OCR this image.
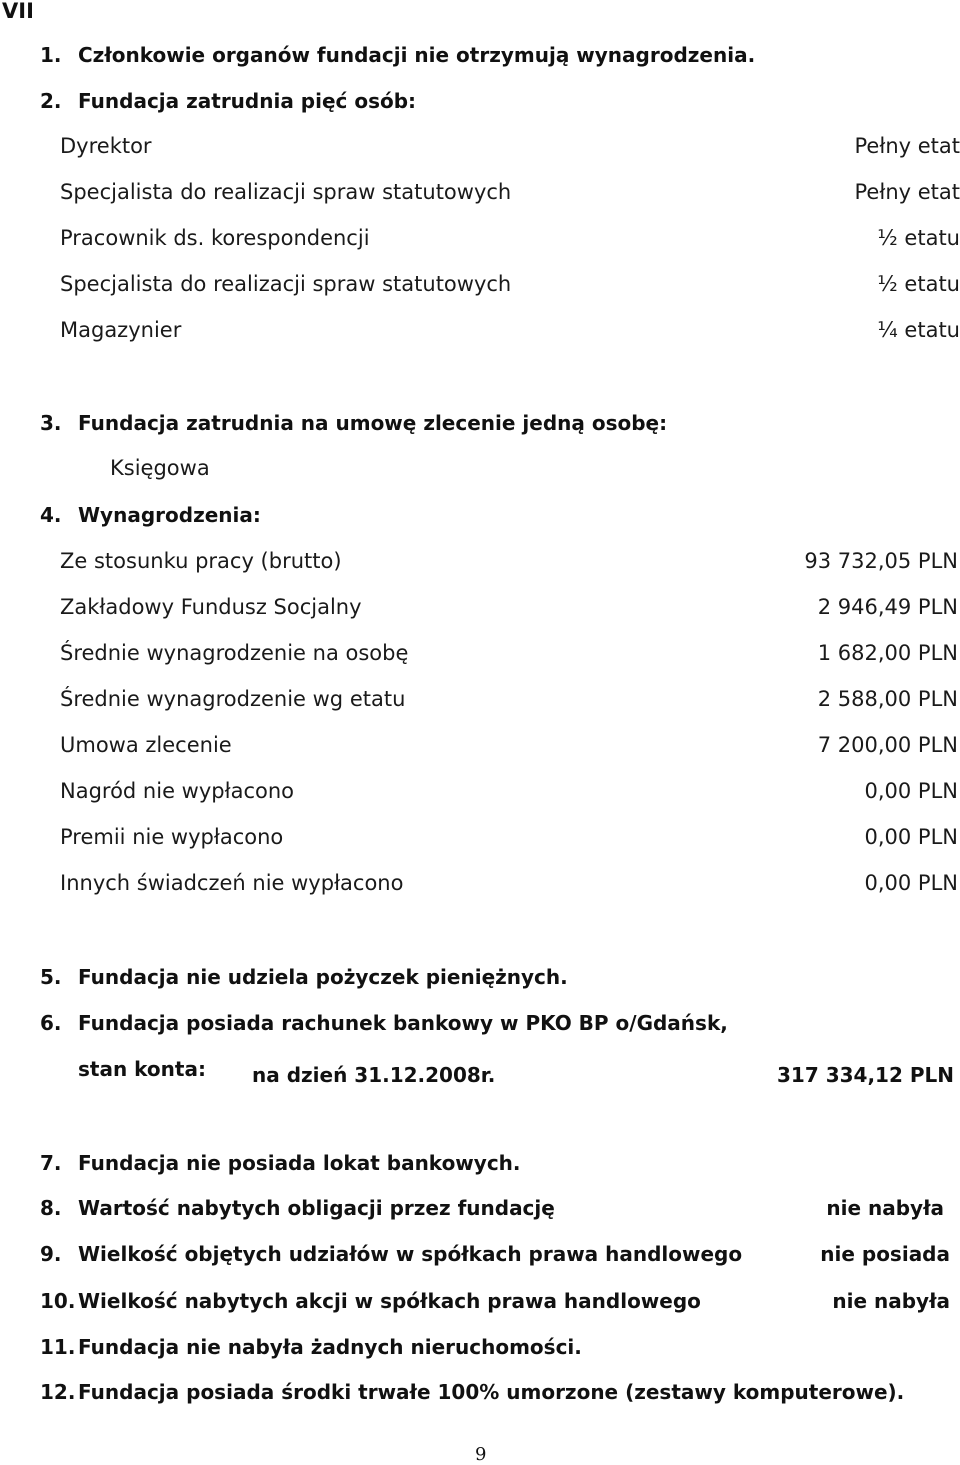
VII
1. Członkowie organów fundacji nie otrzymują wynagrodzenia.
2. Fundacja zatrudnia pięć osób:
Dyrektor	Pełny etat
Specjalista do realizacji spraw statutowych	Pełny etat
Pracownik ds. korespondencji	½ etatu
Specjalista do realizacji spraw statutowych	½ etatu
Magazynier	¼ etatu
3. Fundacja zatrudnia na umowę zlecenie jedną osobę:
Księgowa
4. Wynagrodzenia:
Ze stosunku pracy (brutto)	93 732,05 PLN
Zakładowy Fundusz Socjalny	2 946,49 PLN
Średnie wynagrodzenie na osobę	1 682,00 PLN
Średnie wynagrodzenie wg etatu	2 588,00 PLN
Umowa zlecenie	7 200,00 PLN
Nagród nie wypłacono	0,00 PLN
Premii nie wypłacono	0,00 PLN
Innych świadczeń nie wypłacono	0,00 PLN
5. Fundacja nie udziela pożyczek pieniężnych.
6. Fundacja posiada rachunek bankowy w PKO BP o/Gdańsk,
stan konta: na dzień 31.12.2008r.	317 334,12 PLN
7. Fundacja nie posiada lokat bankowych.
8. Wartość nabytych obligacji przez fundację	nie nabyła
9. Wielkość objętych udziałów w spółkach prawa handlowego	nie posiada
10. Wielkość nabytych akcji w spółkach prawa handlowego	nie nabyła
11. Fundacja nie nabyła żadnych nieruchomości.
12. Fundacja posiada środki trwałe 100% umorzone (zestawy komputerowe).
9
